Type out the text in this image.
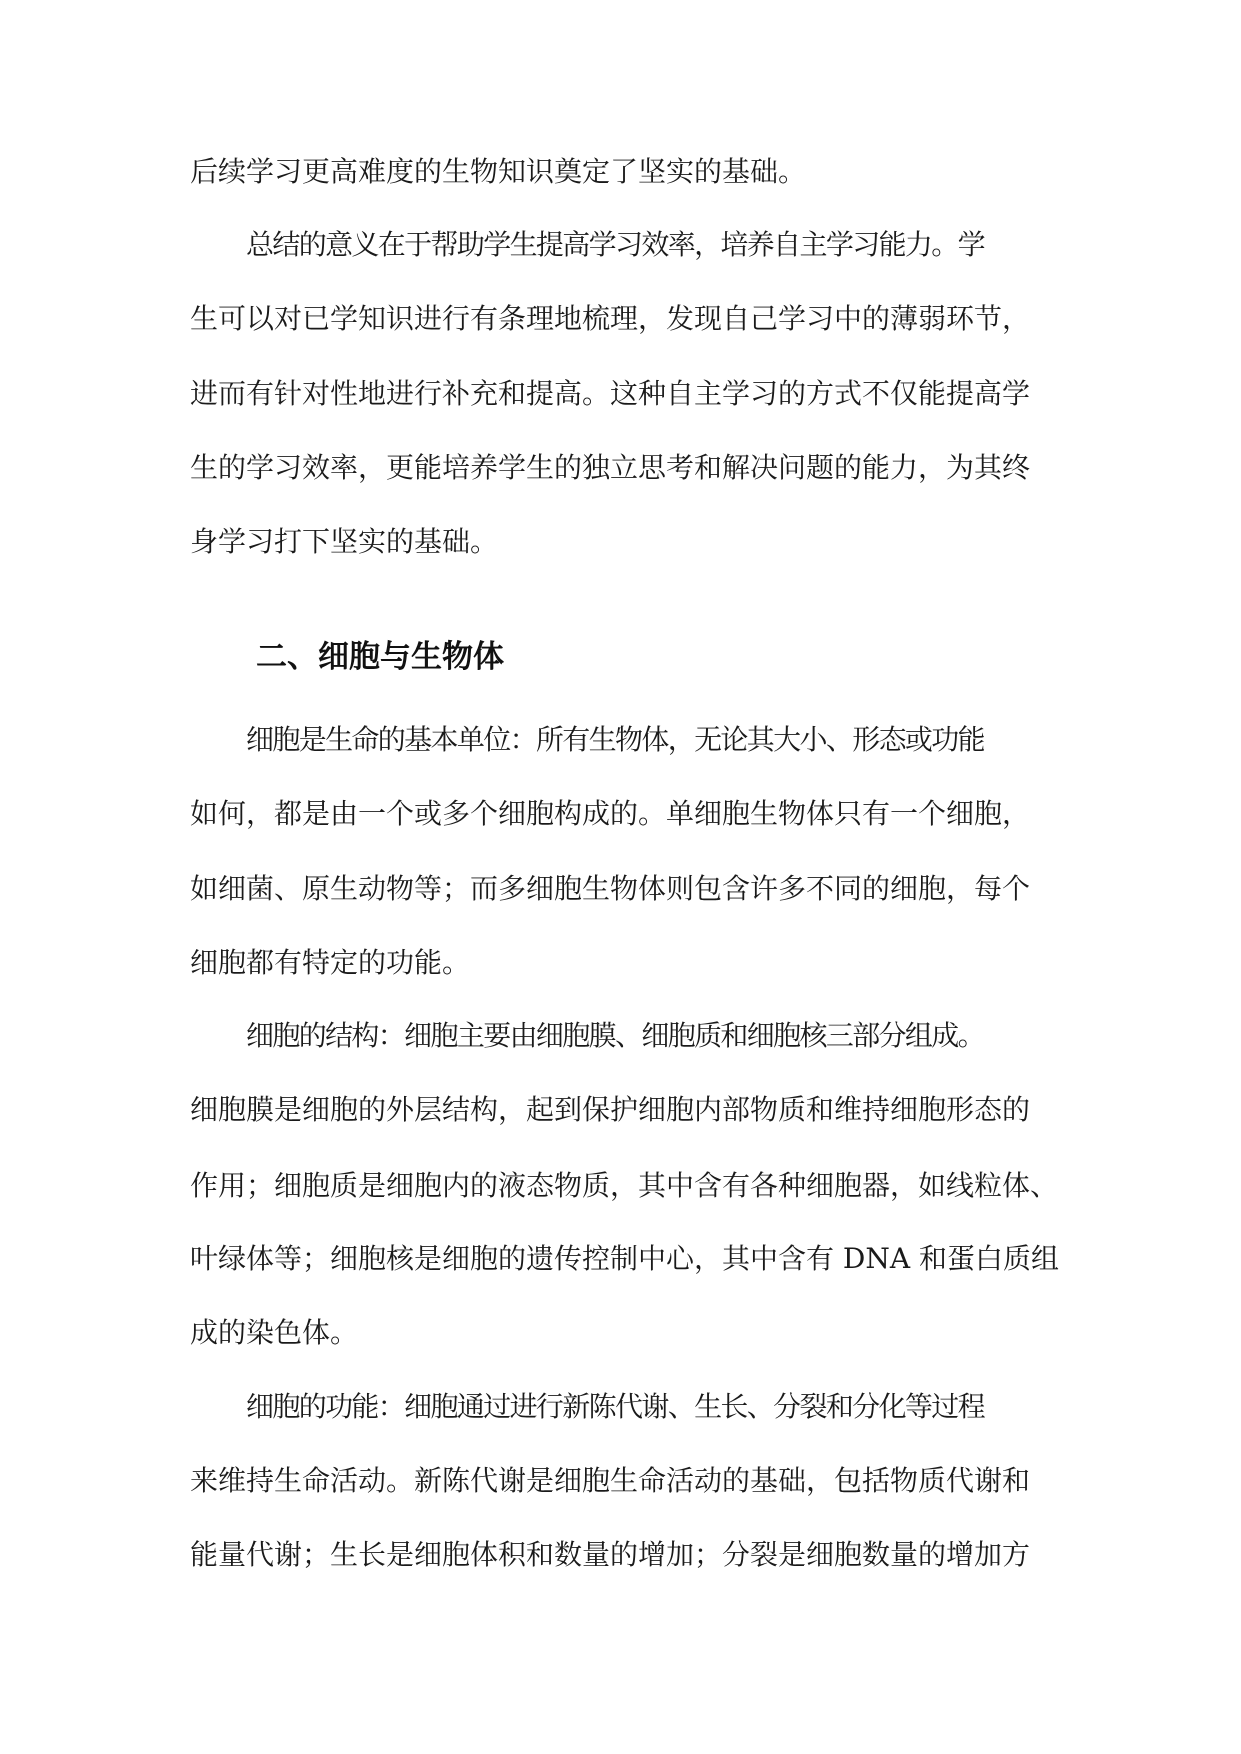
后续学习更高难度的生物知识奠定了坚实的基础。
总结的意义在于帮助学生提高学习效率，培养自主学习能力。学
生可以对已学知识进行有条理地梳理，发现自己学习中的薄弱环节，
进而有针对性地进行补充和提高。这种自主学习的方式不仅能提高学
生的学习效率，更能培养学生的独立思考和解决问题的能力，为其终
身学习打下坚实的基础。
二、细胞与生物体
细胞是生命的基本单位：所有生物体，无论其大小、形态或功能
如何，都是由一个或多个细胞构成的。单细胞生物体只有一个细胞，
如细菌、原生动物等；而多细胞生物体则包含许多不同的细胞，每个
细胞都有特定的功能。
细胞的结构：细胞主要由细胞膜、细胞质和细胞核三部分组成。
细胞膜是细胞的外层结构，起到保护细胞内部物质和维持细胞形态的
作用；细胞质是细胞内的液态物质，其中含有各种细胞器，如线粒体、
叶绿体等；细胞核是细胞的遗传控制中心，其中含有 DNA 和蛋白质组
成的染色体。
细胞的功能：细胞通过进行新陈代谢、生长、分裂和分化等过程
来维持生命活动。新陈代谢是细胞生命活动的基础，包括物质代谢和
能量代谢；生长是细胞体积和数量的增加；分裂是细胞数量的增加方
